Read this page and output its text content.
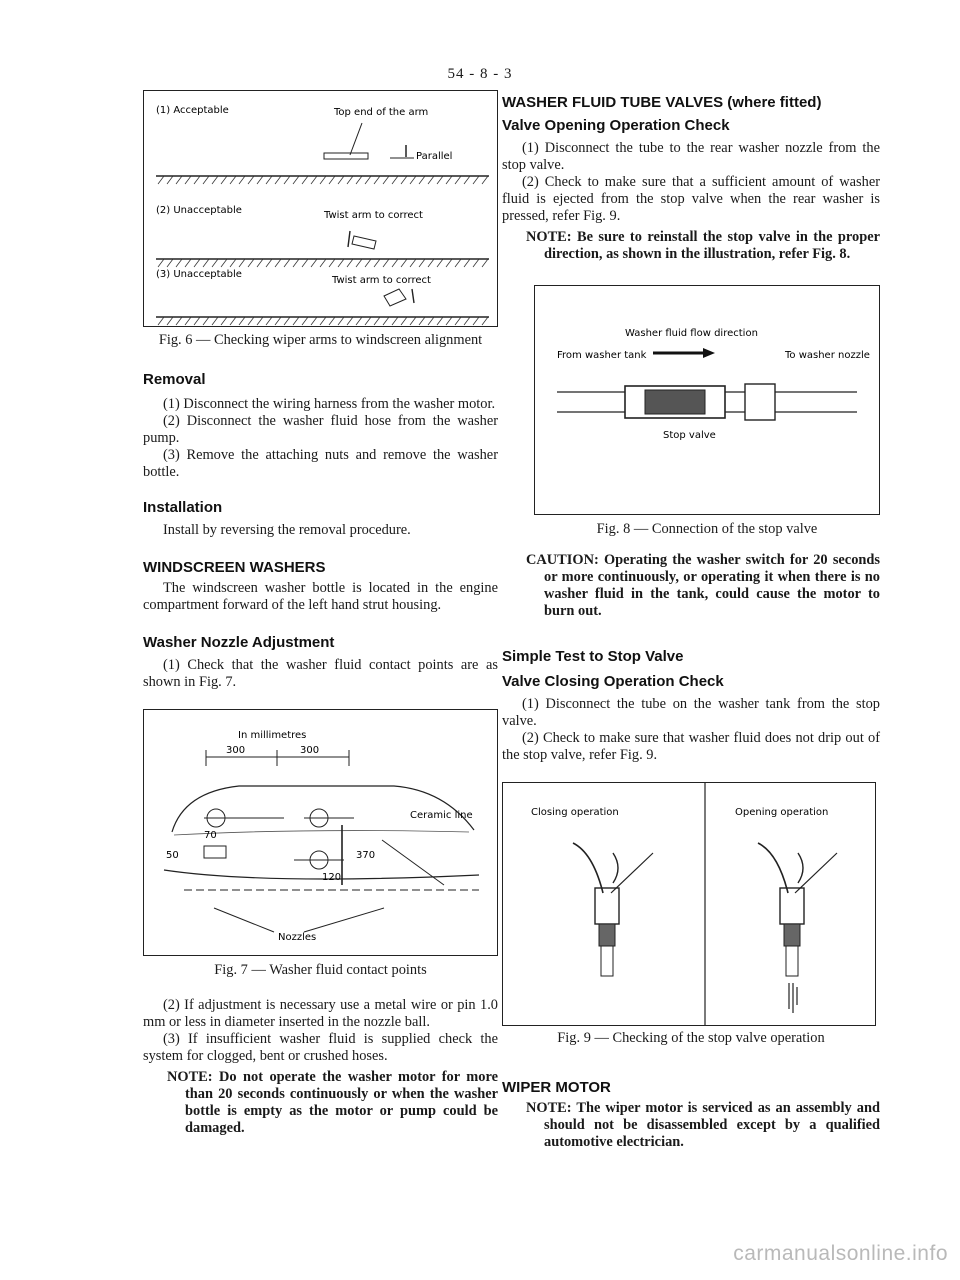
54 - 8 - 3
(1) Acceptable	Top end of the arm
Parallel
(2) Unacceptable	Twist arm to correct
(3) Unacceptable
Twist arm to correct

Fig. 6 — Checking wiper arms to windscreen alignment

Removal

(1) Disconnect the wiring harness from the washer motor.

(2) Disconnect the washer fluid hose from the washer pump.

(3) Remove the attaching nuts and remove the washer bottle.

Installation

Install by reversing the removal procedure.

WINDSCREEN WASHERS

The windscreen washer bottle is located in the engine compartment forward of the left hand strut housing.

Washer Nozzle Adjustment

(1) Check that the washer fluid contact points are as shown in Fig. 7.

In millimetres
300	300
Ceramic line
70
50	370
120
Nozzles

Fig. 7 — Washer fluid contact points

(2) If adjustment is necessary use a metal wire or pin 1.0 mm or less in diameter inserted in the nozzle ball.

(3) If insufficient washer fluid is supplied check the system for clogged, bent or crushed hoses.

NOTE: Do not operate the washer motor for more than 20 seconds continuously or when the washer bottle is empty as the motor or pump could be damaged.

WASHER FLUID TUBE VALVES (where fitted)
Valve Opening Operation Check

(1) Disconnect the tube to the rear washer nozzle from the stop valve.

(2) Check to make sure that a sufficient amount of washer fluid is ejected from the stop valve when the rear washer is pressed, refer Fig. 9.

NOTE: Be sure to reinstall the stop valve in the proper direction, as shown in the illustration, refer Fig. 8.

Washer fluid flow direction
From washer tank	To washer nozzle
Stop valve

Fig. 8 — Connection of the stop valve

CAUTION: Operating the washer switch for 20 seconds or more continuously, or operating it when there is no washer fluid in the tank, could cause the motor to burn out.

Simple Test to Stop Valve
Valve Closing Operation Check

(1) Disconnect the tube on the washer tank from the stop valve.

(2) Check to make sure that washer fluid does not drip out of the stop valve, refer Fig. 9.

Closing operation	Opening operation

Fig. 9 — Checking of the stop valve operation

WIPER MOTOR

NOTE: The wiper motor is serviced as an assembly and should not be disassembled except by a qualified automotive electrician.

carmanualsonline.info
